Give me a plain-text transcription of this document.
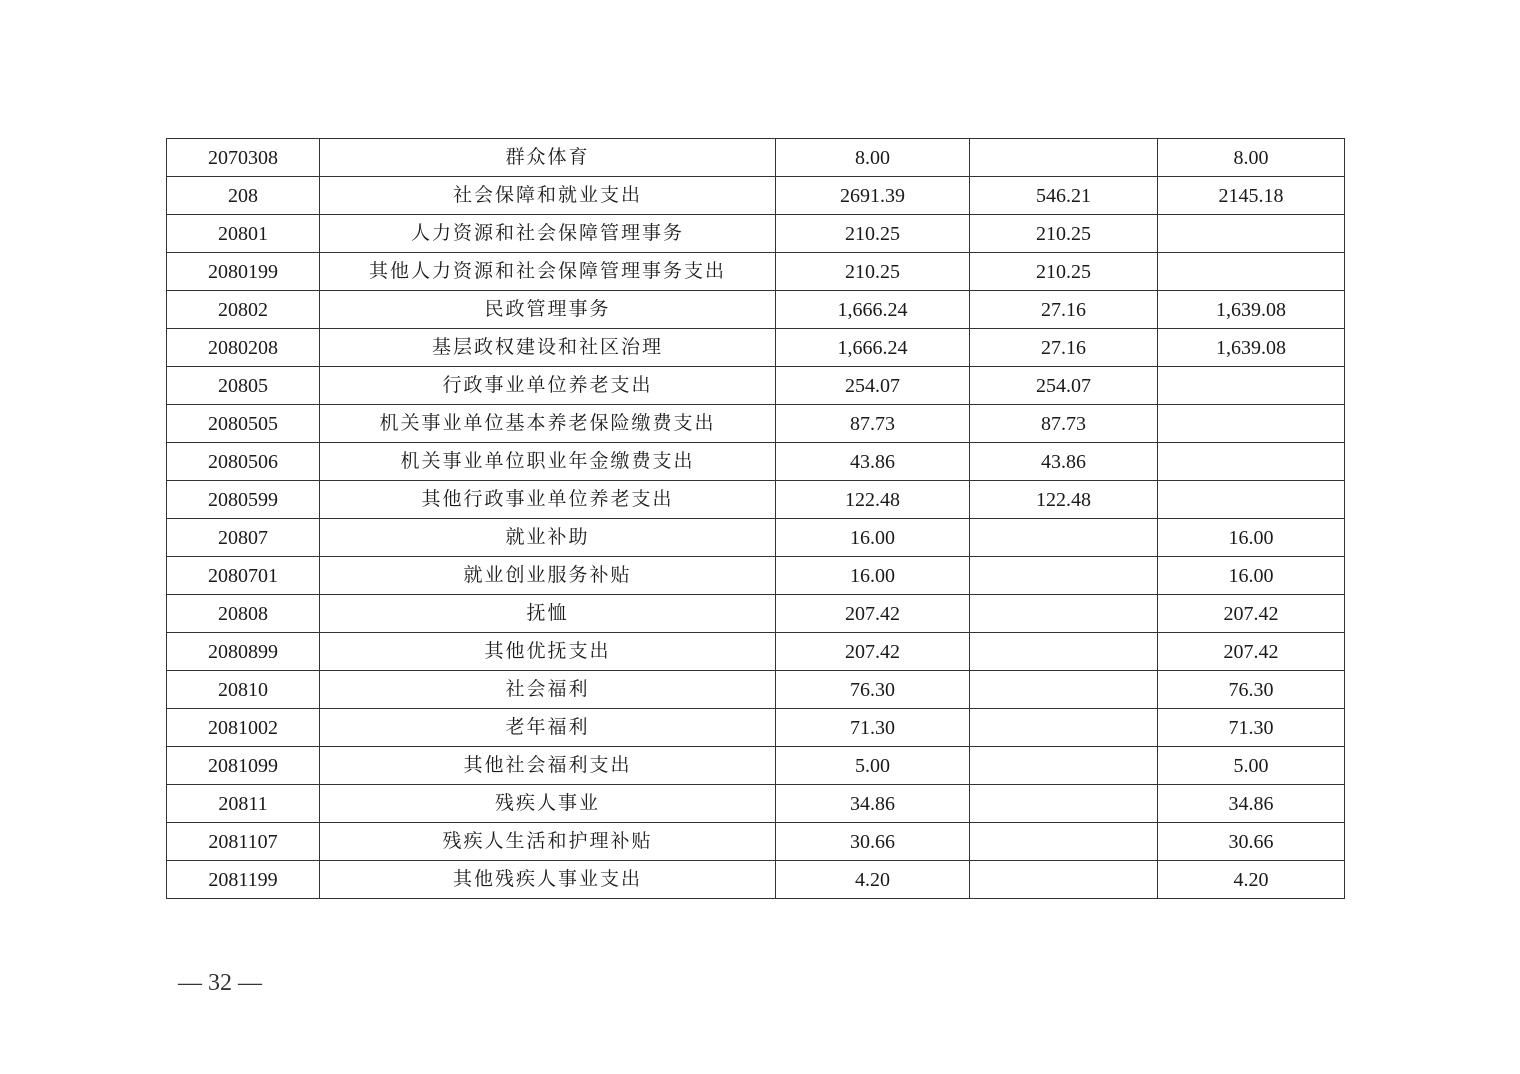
2070308	群众体育	8.00		8.00
208	社会保障和就业支出	2691.39	546.21	2145.18
20801	人力资源和社会保障管理事务	210.25	210.25	
2080199	其他人力资源和社会保障管理事务支出	210.25	210.25	
20802	民政管理事务	1,666.24	27.16	1,639.08
2080208	基层政权建设和社区治理	1,666.24	27.16	1,639.08
20805	行政事业单位养老支出	254.07	254.07	
2080505	机关事业单位基本养老保险缴费支出	87.73	87.73	
2080506	机关事业单位职业年金缴费支出	43.86	43.86	
2080599	其他行政事业单位养老支出	122.48	122.48	
20807	就业补助	16.00		16.00
2080701	就业创业服务补贴	16.00		16.00
20808	抚恤	207.42		207.42
2080899	其他优抚支出	207.42		207.42
20810	社会福利	76.30		76.30
2081002	老年福利	71.30		71.30
2081099	其他社会福利支出	5.00		5.00
20811	残疾人事业	34.86		34.86
2081107	残疾人生活和护理补贴	30.66		30.66
2081199	其他残疾人事业支出	4.20		4.20
— 32 —
